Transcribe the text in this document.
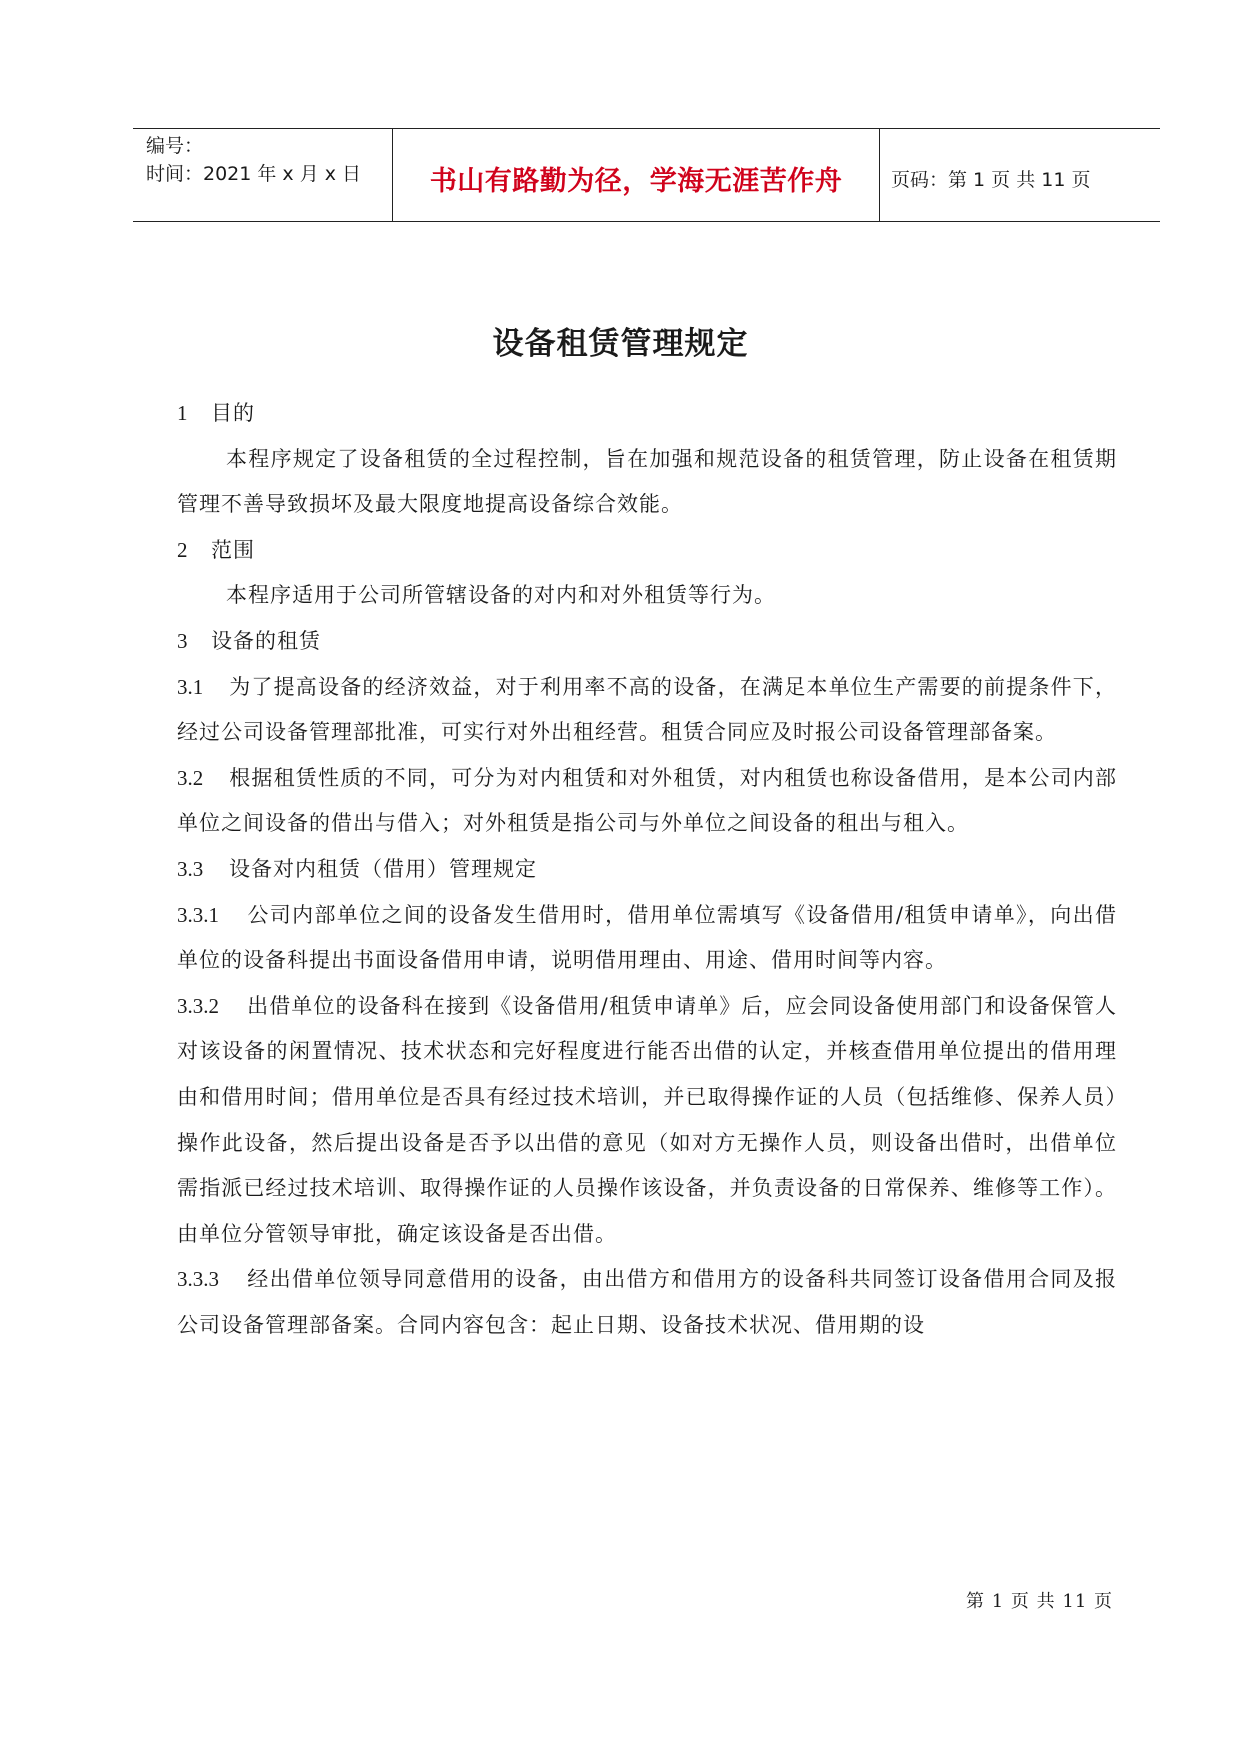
编号：
时间：2021 年 x 月 x 日	书山有路勤为径，学海无涯苦作舟	页码：第 1 页 共 11 页
设备租赁管理规定

1 目的

本程序规定了设备租赁的全过程控制，旨在加强和规范设备的租赁管理，防止设备在租赁期管理不善导致损坏及最大限度地提高设备综合效能。

2 范围

本程序适用于公司所管辖设备的对内和对外租赁等行为。

3 设备的租赁

3.1 为了提高设备的经济效益，对于利用率不高的设备，在满足本单位生产需要的前提条件下，经过公司设备管理部批准，可实行对外出租经营。租赁合同应及时报公司设备管理部备案。

3.2 根据租赁性质的不同，可分为对内租赁和对外租赁，对内租赁也称设备借用，是本公司内部单位之间设备的借出与借入；对外租赁是指公司与外单位之间设备的租出与租入。

3.3 设备对内租赁（借用）管理规定

3.3.1 公司内部单位之间的设备发生借用时，借用单位需填写《设备借用/租赁申请单》，向出借单位的设备科提出书面设备借用申请，说明借用理由、用途、借用时间等内容。

3.3.2 出借单位的设备科在接到《设备借用/租赁申请单》后，应会同设备使用部门和设备保管人对该设备的闲置情况、技术状态和完好程度进行能否出借的认定，并核查借用单位提出的借用理由和借用时间；借用单位是否具有经过技术培训，并已取得操作证的人员（包括维修、保养人员）操作此设备，然后提出设备是否予以出借的意见（如对方无操作人员，则设备出借时，出借单位需指派已经过技术培训、取得操作证的人员操作该设备，并负责设备的日常保养、维修等工作）。由单位分管领导审批，确定该设备是否出借。

3.3.3 经出借单位领导同意借用的设备，由出借方和借用方的设备科共同签订设备借用合同及报公司设备管理部备案。合同内容包含：起止日期、设备技术状况、借用期的设

第 1 页 共 11 页
